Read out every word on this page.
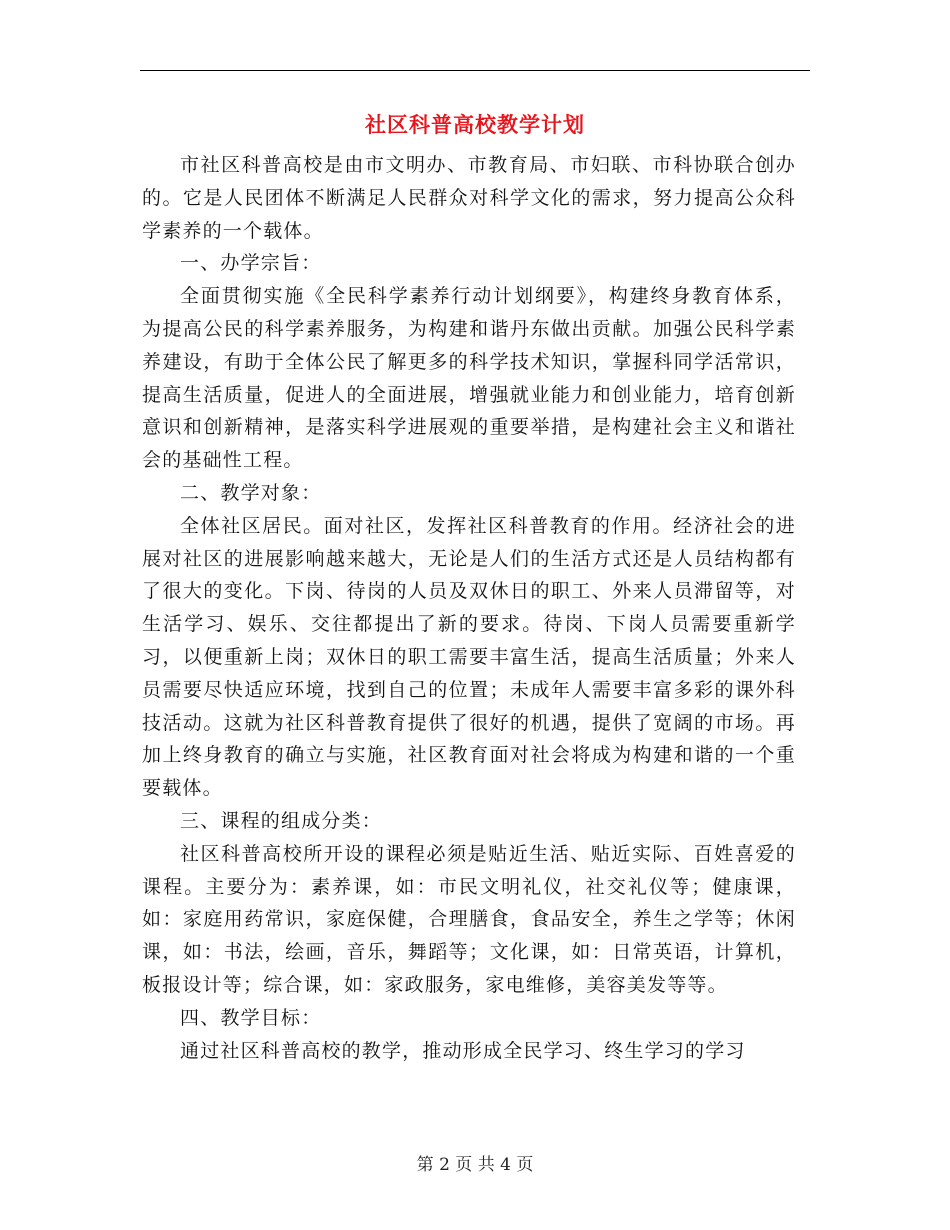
社区科普高校教学计划

市社区科普高校是由市文明办、市教育局、市妇联、市科协联合创办的。它是人民团体不断满足人民群众对科学文化的需求，努力提高公众科学素养的一个载体。

一、办学宗旨：

全面贯彻实施《全民科学素养行动计划纲要》，构建终身教育体系，为提高公民的科学素养服务，为构建和谐丹东做出贡献。加强公民科学素养建设，有助于全体公民了解更多的科学技术知识，掌握科同学活常识，提高生活质量，促进人的全面进展，增强就业能力和创业能力，培育创新意识和创新精神，是落实科学进展观的重要举措，是构建社会主义和谐社会的基础性工程。

二、教学对象：

全体社区居民。面对社区，发挥社区科普教育的作用。经济社会的进展对社区的进展影响越来越大，无论是人们的生活方式还是人员结构都有了很大的变化。下岗、待岗的人员及双休日的职工、外来人员滞留等，对生活学习、娱乐、交往都提出了新的要求。待岗、下岗人员需要重新学习，以便重新上岗；双休日的职工需要丰富生活，提高生活质量；外来人员需要尽快适应环境，找到自己的位置；未成年人需要丰富多彩的课外科技活动。这就为社区科普教育提供了很好的机遇，提供了宽阔的市场。再加上终身教育的确立与实施，社区教育面对社会将成为构建和谐的一个重要载体。

三、课程的组成分类：

社区科普高校所开设的课程必须是贴近生活、贴近实际、百姓喜爱的课程。主要分为：素养课，如：市民文明礼仪，社交礼仪等；健康课，如：家庭用药常识，家庭保健，合理膳食，食品安全，养生之学等；休闲课，如：书法，绘画，音乐，舞蹈等；文化课，如：日常英语，计算机，板报设计等；综合课，如：家政服务，家电维修，美容美发等等。

四、教学目标：

通过社区科普高校的教学，推动形成全民学习、终生学习的学习

第 2 页 共 4 页
